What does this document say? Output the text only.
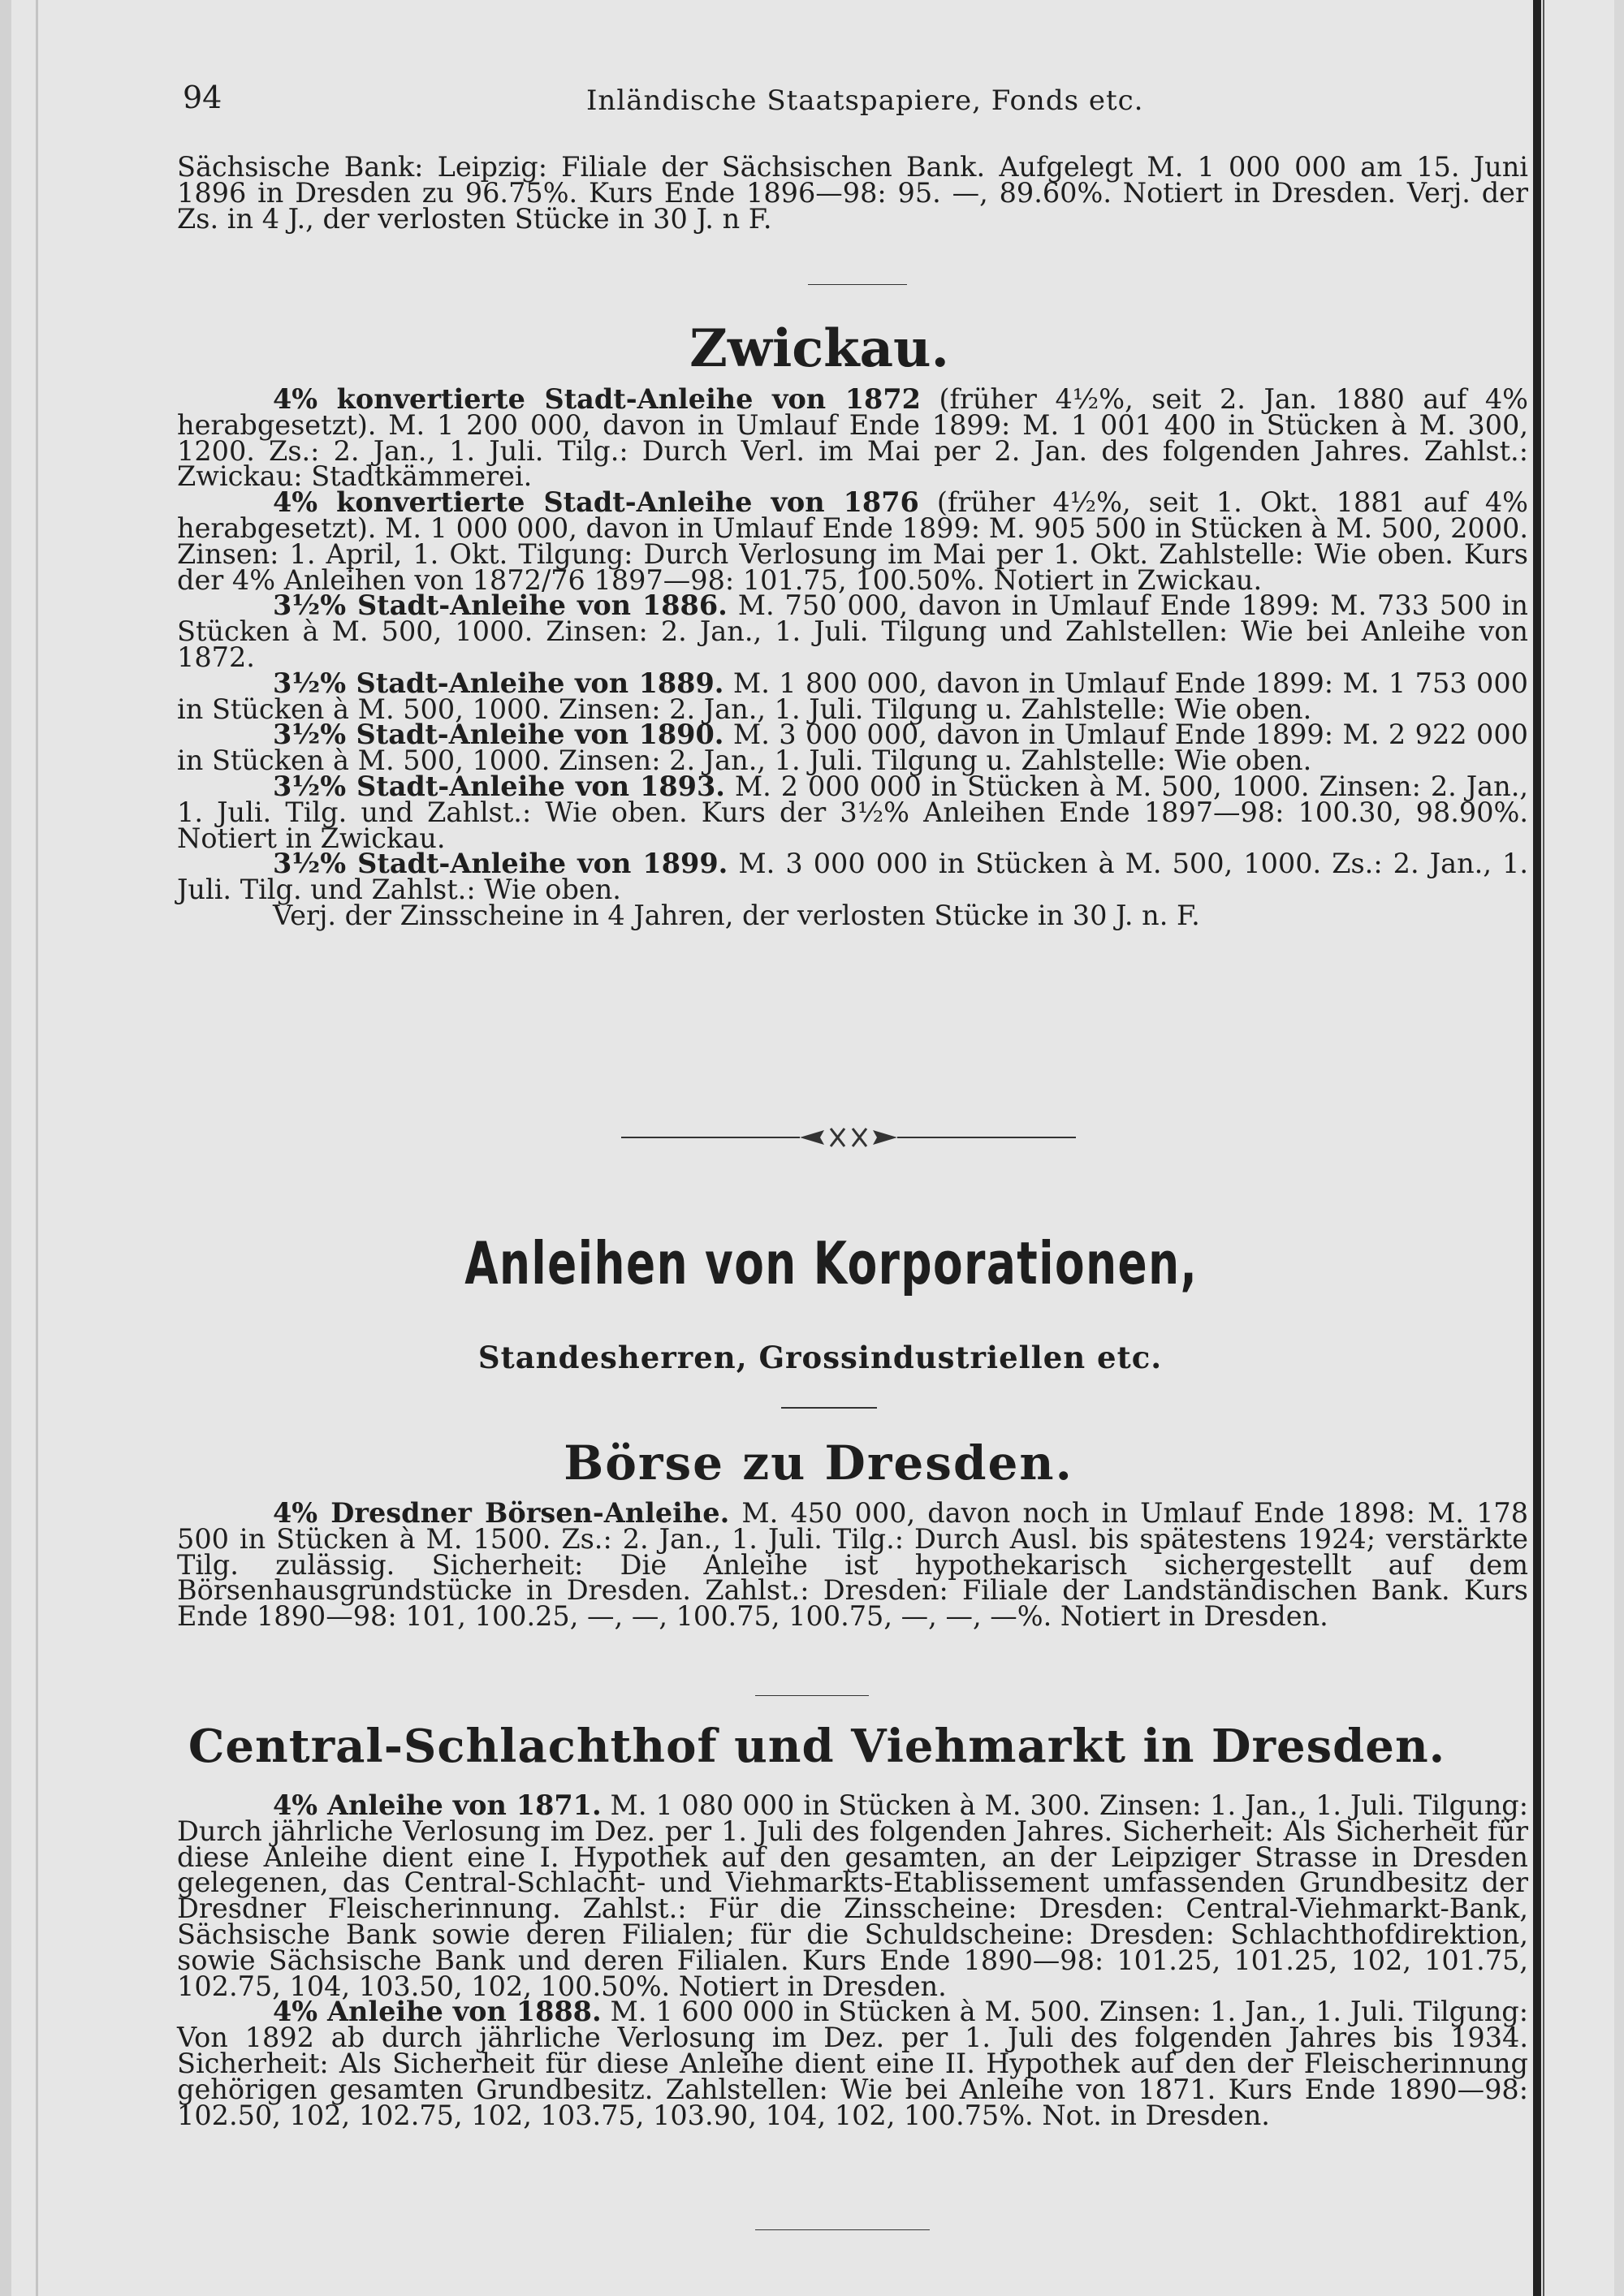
94	Inländische Staatspapiere, Fonds etc.

Sächsische Bank: Leipzig: Filiale der Sächsischen Bank. Aufgelegt M. 1 000 000 am 15. Juni 1896 in Dresden zu 96.75%. Kurs Ende 1896—98: 95. —, 89.60%. Notiert in Dresden. Verj. der Zs. in 4 J., der verlosten Stücke in 30 J. n F.

Zwickau.

4% konvertierte Stadt-Anleihe von 1872 (früher 4½%, seit 2. Jan. 1880 auf 4% herabgesetzt). M. 1 200 000, davon in Umlauf Ende 1899: M. 1 001 400 in Stücken à M. 300, 1200. Zs.: 2. Jan., 1. Juli. Tilg.: Durch Verl. im Mai per 2. Jan. des folgenden Jahres. Zahlst.: Zwickau: Stadtkämmerei.

4% konvertierte Stadt-Anleihe von 1876 (früher 4½%, seit 1. Okt. 1881 auf 4% herabgesetzt). M. 1 000 000, davon in Umlauf Ende 1899: M. 905 500 in Stücken à M. 500, 2000. Zinsen: 1. April, 1. Okt. Tilgung: Durch Verlosung im Mai per 1. Okt. Zahlstelle: Wie oben. Kurs der 4% Anleihen von 1872/76 1897—98: 101.75, 100.50%. Notiert in Zwickau.

3½% Stadt-Anleihe von 1886. M. 750 000, davon in Umlauf Ende 1899: M. 733 500 in Stücken à M. 500, 1000. Zinsen: 2. Jan., 1. Juli. Tilgung und Zahlstellen: Wie bei Anleihe von 1872.

3½% Stadt-Anleihe von 1889. M. 1 800 000, davon in Umlauf Ende 1899: M. 1 753 000 in Stücken à M. 500, 1000. Zinsen: 2. Jan., 1. Juli. Tilgung u. Zahlstelle: Wie oben.

3½% Stadt-Anleihe von 1890. M. 3 000 000, davon in Umlauf Ende 1899: M. 2 922 000 in Stücken à M. 500, 1000. Zinsen: 2. Jan., 1. Juli. Tilgung u. Zahlstelle: Wie oben.

3½% Stadt-Anleihe von 1893. M. 2 000 000 in Stücken à M. 500, 1000. Zinsen: 2. Jan., 1. Juli. Tilg. und Zahlst.: Wie oben. Kurs der 3½% Anleihen Ende 1897—98: 100.30, 98.90%. Notiert in Zwickau.

3½% Stadt-Anleihe von 1899. M. 3 000 000 in Stücken à M. 500, 1000. Zs.: 2. Jan., 1. Juli. Tilg. und Zahlst.: Wie oben.

Verj. der Zinsscheine in 4 Jahren, der verlosten Stücke in 30 J. n. F.

Anleihen von Korporationen,
Standesherren, Grossindustriellen etc.
Börse zu Dresden.

4% Dresdner Börsen-Anleihe. M. 450 000, davon noch in Umlauf Ende 1898: M. 178 500 in Stücken à M. 1500. Zs.: 2. Jan., 1. Juli. Tilg.: Durch Ausl. bis spätestens 1924; verstärkte Tilg. zulässig. Sicherheit: Die Anleihe ist hypothekarisch sichergestellt auf dem Börsenhausgrundstücke in Dresden. Zahlst.: Dresden: Filiale der Landständischen Bank. Kurs Ende 1890—98: 101, 100.25, —, —, 100.75, 100.75, —, —, —%. Notiert in Dresden.

Central-Schlachthof und Viehmarkt in Dresden.

4% Anleihe von 1871. M. 1 080 000 in Stücken à M. 300. Zinsen: 1. Jan., 1. Juli. Tilgung: Durch jährliche Verlosung im Dez. per 1. Juli des folgenden Jahres. Sicherheit: Als Sicherheit für diese Anleihe dient eine I. Hypothek auf den gesamten, an der Leipziger Strasse in Dresden gelegenen, das Central-Schlacht- und Viehmarkts-Etablissement umfassenden Grundbesitz der Dresdner Fleischerinnung. Zahlst.: Für die Zinsscheine: Dresden: Central-Viehmarkt-Bank, Sächsische Bank sowie deren Filialen; für die Schuldscheine: Dresden: Schlachthofdirektion, sowie Sächsische Bank und deren Filialen. Kurs Ende 1890—98: 101.25, 101.25, 102, 101.75, 102.75, 104, 103.50, 102, 100.50%. Notiert in Dresden.

4% Anleihe von 1888. M. 1 600 000 in Stücken à M. 500. Zinsen: 1. Jan., 1. Juli. Tilgung: Von 1892 ab durch jährliche Verlosung im Dez. per 1. Juli des folgenden Jahres bis 1934. Sicherheit: Als Sicherheit für diese Anleihe dient eine II. Hypothek auf den der Fleischerinnung gehörigen gesamten Grundbesitz. Zahlstellen: Wie bei Anleihe von 1871. Kurs Ende 1890—98: 102.50, 102, 102.75, 102, 103.75, 103.90, 104, 102, 100.75%. Not. in Dresden.
